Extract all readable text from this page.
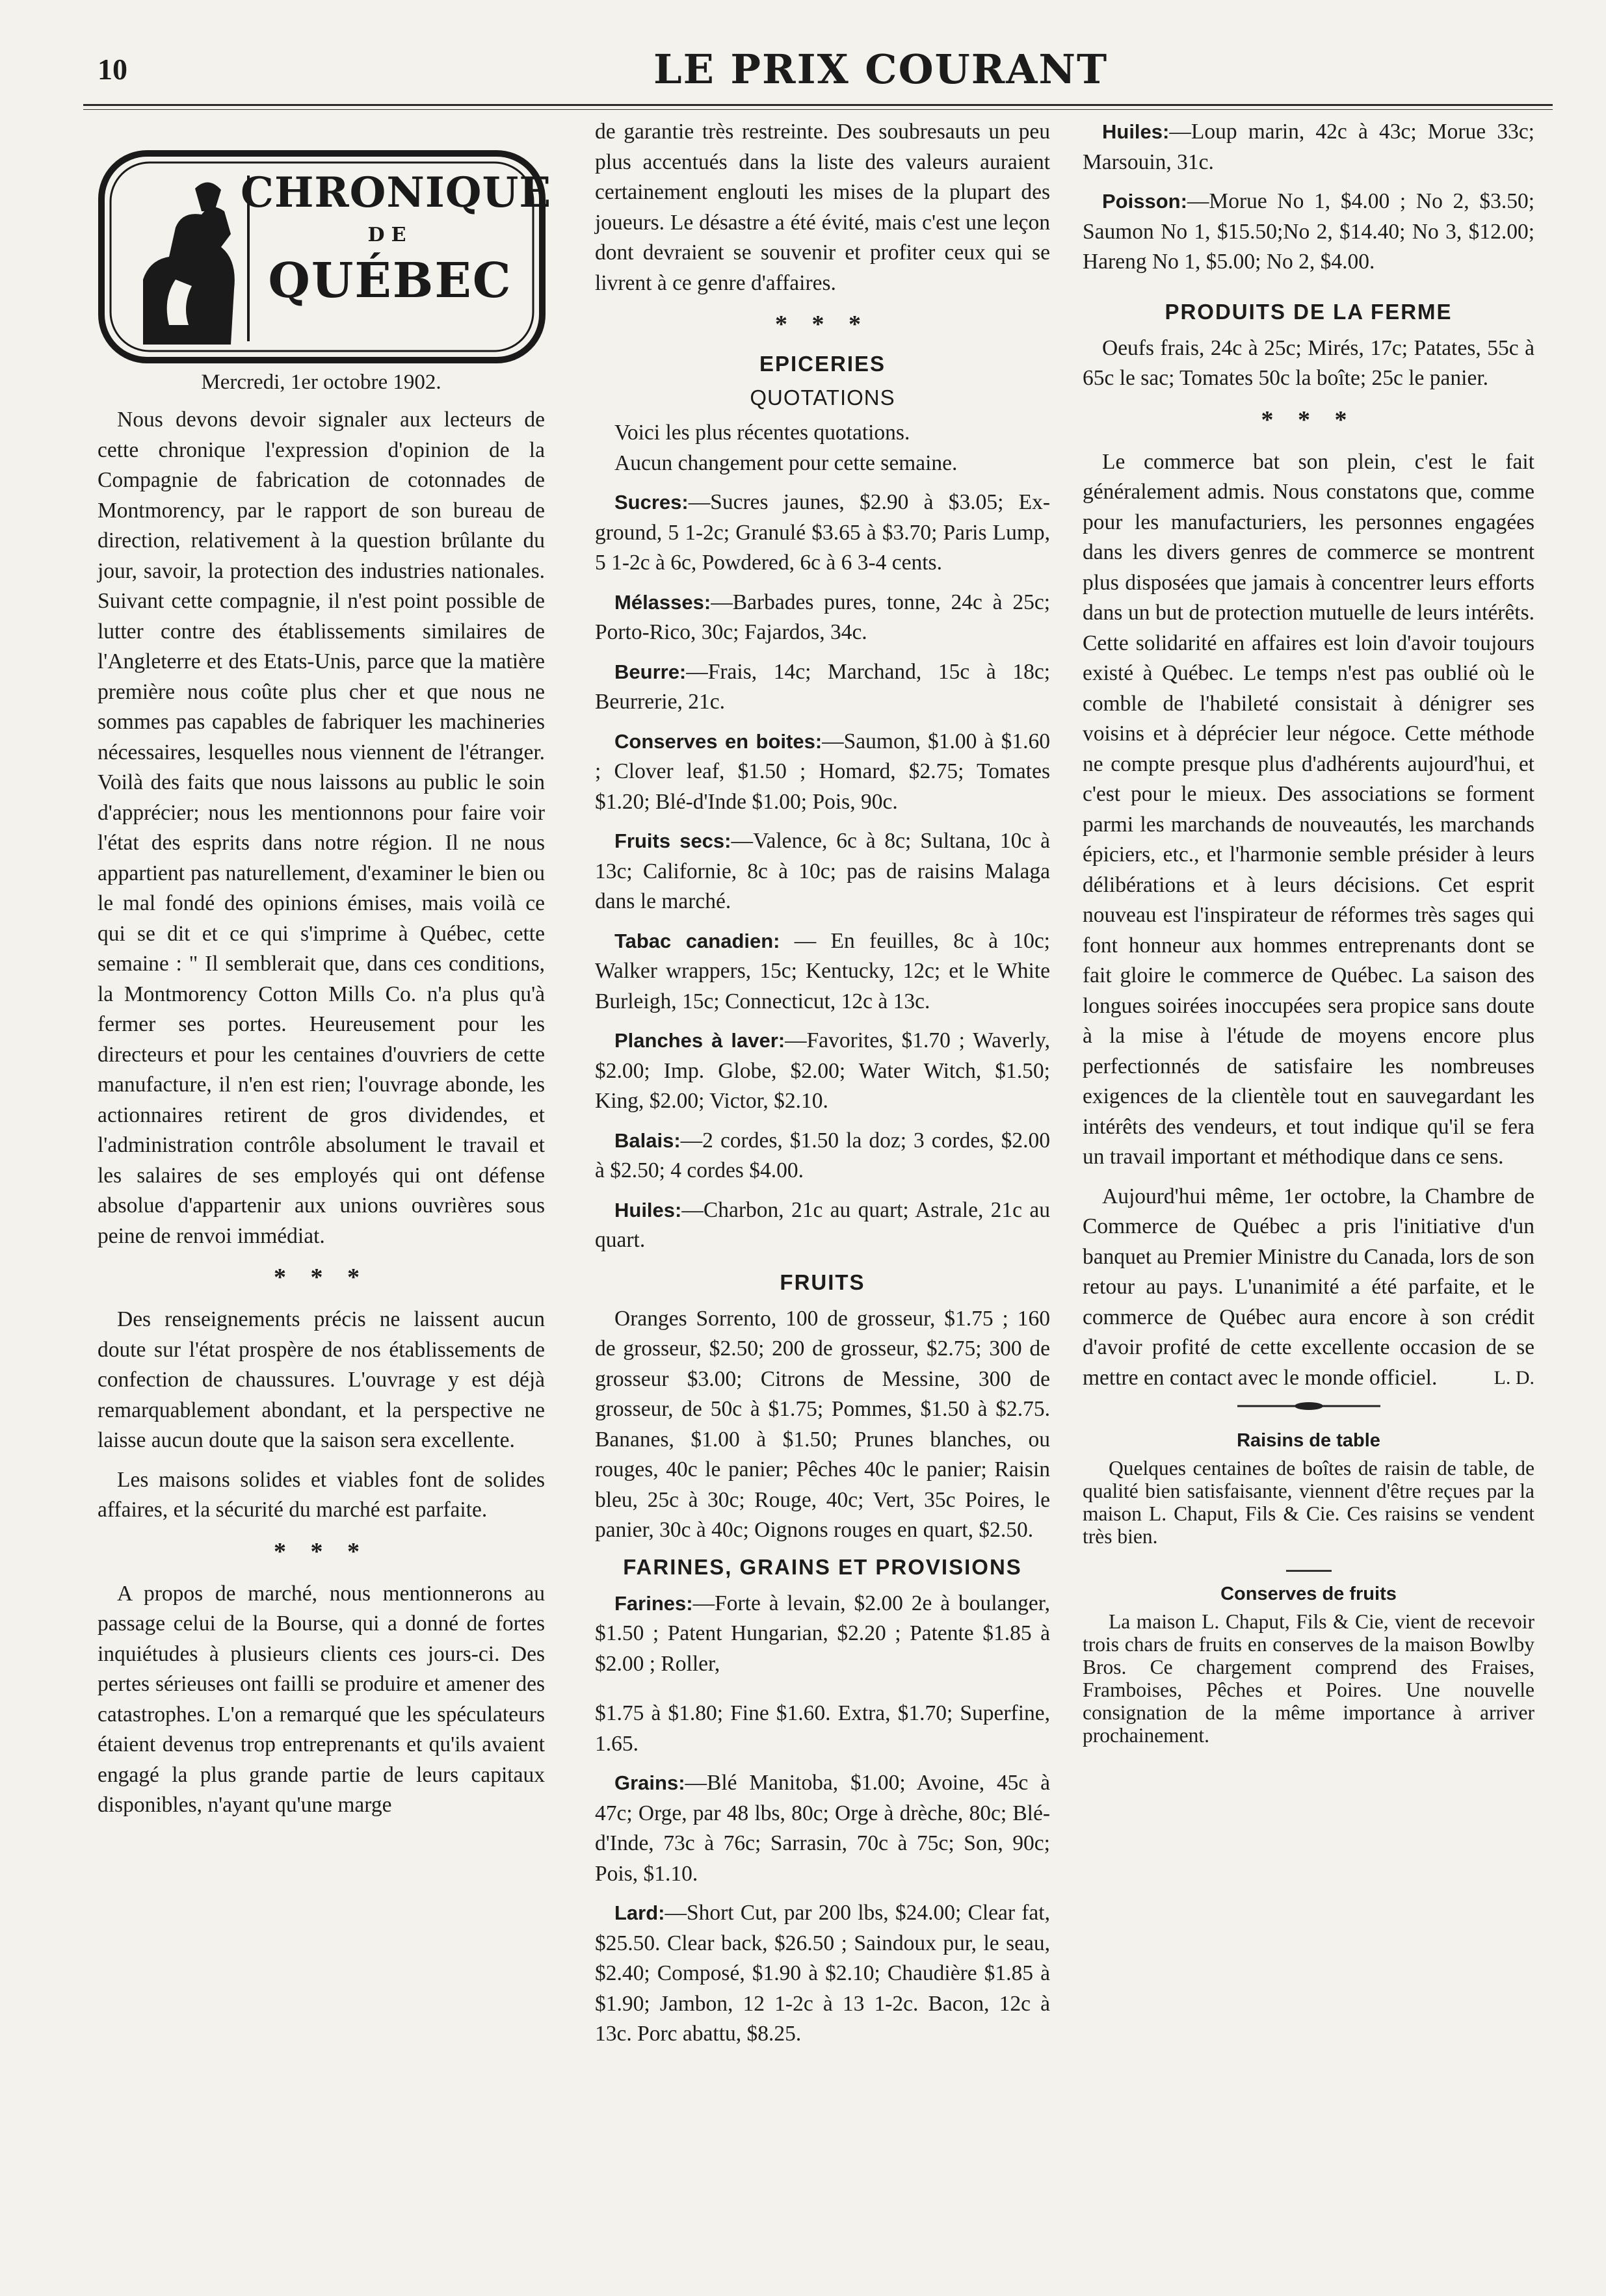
10	LE PRIX COURANT
CHRONIQUE
DE
QUÉBEC
Mercredi, 1er octobre 1902.

Nous devons devoir signaler aux lecteurs de cette chronique l'expression d'opinion de la Compagnie de fabrication de cotonnades de Montmorency, par le rapport de son bureau de direction, relativement à la question brûlante du jour, savoir, la protection des industries nationales. Suivant cette compagnie, il n'est point possible de lutter contre des établissements similaires de l'Angleterre et des Etats-Unis, parce que la matière première nous coûte plus cher et que nous ne sommes pas capables de fabriquer les machineries nécessaires, lesquelles nous viennent de l'étranger. Voilà des faits que nous laissons au public le soin d'apprécier; nous les mentionnons pour faire voir l'état des esprits dans notre région. Il ne nous appartient pas naturellement, d'examiner le bien ou le mal fondé des opinions émises, mais voilà ce qui se dit et ce qui s'imprime à Québec, cette semaine : " Il semblerait que, dans ces conditions, la Montmorency Cotton Mills Co. n'a plus qu'à fermer ses portes. Heureusement pour les directeurs et pour les centaines d'ouvriers de cette manufacture, il n'en est rien; l'ouvrage abonde, les actionnaires retirent de gros dividendes, et l'administration contrôle absolument le travail et les salaires de ses employés qui ont défense absolue d'appartenir aux unions ouvrières sous peine de renvoi immédiat.

* * *

Des renseignements précis ne laissent aucun doute sur l'état prospère de nos établissements de confection de chaussures. L'ouvrage y est déjà remarquablement abondant, et la perspective ne laisse aucun doute que la saison sera excellente.

Les maisons solides et viables font de solides affaires, et la sécurité du marché est parfaite.

* * *

A propos de marché, nous mentionnerons au passage celui de la Bourse, qui a donné de fortes inquiétudes à plusieurs clients ces jours-ci. Des pertes sérieuses ont failli se produire et amener des catastrophes. L'on a remarqué que les spéculateurs étaient devenus trop entreprenants et qu'ils avaient engagé la plus grande partie de leurs capitaux disponibles, n'ayant qu'une marge

de garantie très restreinte. Des soubresauts un peu plus accentués dans la liste des valeurs auraient certainement englouti les mises de la plupart des joueurs. Le désastre a été évité, mais c'est une leçon dont devraient se souvenir et profiter ceux qui se livrent à ce genre d'affaires.

* * *
EPICERIES
QUOTATIONS

Voici les plus récentes quotations.

Aucun changement pour cette semaine.

Sucres:—Sucres jaunes, $2.90 à $3.05; Ex-ground, 5 1-2c; Granulé $3.65 à $3.70; Paris Lump, 5 1-2c à 6c, Powdered, 6c à 6 3-4 cents.

Mélasses:—Barbades pures, tonne, 24c à 25c; Porto-Rico, 30c; Fajardos, 34c.

Beurre:—Frais, 14c; Marchand, 15c à 18c; Beurrerie, 21c.

Conserves en boites:—Saumon, $1.00 à $1.60 ; Clover leaf, $1.50 ; Homard, $2.75; Tomates $1.20; Blé-d'Inde $1.00; Pois, 90c.

Fruits secs:—Valence, 6c à 8c; Sultana, 10c à 13c; Californie, 8c à 10c; pas de raisins Malaga dans le marché.

Tabac canadien: — En feuilles, 8c à 10c; Walker wrappers, 15c; Kentucky, 12c; et le White Burleigh, 15c; Connecticut, 12c à 13c.

Planches à laver:—Favorites, $1.70 ; Waverly, $2.00; Imp. Globe, $2.00; Water Witch, $1.50; King, $2.00; Victor, $2.10.

Balais:—2 cordes, $1.50 la doz; 3 cordes, $2.00 à $2.50; 4 cordes $4.00.

Huiles:—Charbon, 21c au quart; Astrale, 21c au quart.

FRUITS

Oranges Sorrento, 100 de grosseur, $1.75 ; 160 de grosseur, $2.50; 200 de grosseur, $2.75; 300 de grosseur $3.00; Citrons de Messine, 300 de grosseur, de 50c à $1.75; Pommes, $1.50 à $2.75. Bananes, $1.00 à $1.50; Prunes blanches, ou rouges, 40c le panier; Pêches 40c le panier; Raisin bleu, 25c à 30c; Rouge, 40c; Vert, 35c Poires, le panier, 30c à 40c; Oignons rouges en quart, $2.50.

FARINES, GRAINS ET PROVISIONS

Farines:—Forte à levain, $2.00 2e à boulanger, $1.50 ; Patent Hungarian, $2.20 ; Patente $1.85 à $2.00 ; Roller,

$1.75 à $1.80; Fine $1.60. Extra, $1.70; Superfine, 1.65.

Grains:—Blé Manitoba, $1.00; Avoine, 45c à 47c; Orge, par 48 lbs, 80c; Orge à drèche, 80c; Blé-d'Inde, 73c à 76c; Sarrasin, 70c à 75c; Son, 90c; Pois, $1.10.

Lard:—Short Cut, par 200 lbs, $24.00; Clear fat, $25.50. Clear back, $26.50 ; Saindoux pur, le seau, $2.40; Composé, $1.90 à $2.10; Chaudière $1.85 à $1.90; Jambon, 12 1-2c à 13 1-2c. Bacon, 12c à 13c. Porc abattu, $8.25.

Huiles:—Loup marin, 42c à 43c; Morue 33c; Marsouin, 31c.

Poisson:—Morue No 1, $4.00 ; No 2, $3.50; Saumon No 1, $15.50;No 2, $14.40; No 3, $12.00; Hareng No 1, $5.00; No 2, $4.00.

PRODUITS DE LA FERME

Oeufs frais, 24c à 25c; Mirés, 17c; Patates, 55c à 65c le sac; Tomates 50c la boîte; 25c le panier.

* * *

Le commerce bat son plein, c'est le fait généralement admis. Nous constatons que, comme pour les manufacturiers, les personnes engagées dans les divers genres de commerce se montrent plus disposées que jamais à concentrer leurs efforts dans un but de protection mutuelle de leurs intérêts. Cette solidarité en affaires est loin d'avoir toujours existé à Québec. Le temps n'est pas oublié où le comble de l'habileté consistait à dénigrer ses voisins et à déprécier leur négoce. Cette méthode ne compte presque plus d'adhérents aujourd'hui, et c'est pour le mieux. Des associations se forment parmi les marchands de nouveautés, les marchands épiciers, etc., et l'harmonie semble présider à leurs délibérations et à leurs décisions. Cet esprit nouveau est l'inspirateur de réformes très sages qui font honneur aux hommes entreprenants dont se fait gloire le commerce de Québec. La saison des longues soirées inoccupées sera propice sans doute à la mise à l'étude de moyens encore plus perfectionnés de satisfaire les nombreuses exigences de la clientèle tout en sauvegardant les intérêts des vendeurs, et tout indique qu'il se fera un travail important et méthodique dans ce sens.

Aujourd'hui même, 1er octobre, la Chambre de Commerce de Québec a pris l'initiative d'un banquet au Premier Ministre du Canada, lors de son retour au pays. L'unanimité a été parfaite, et le commerce de Québec aura encore à son crédit d'avoir profité de cette excellente occasion de se mettre en contact avec le monde officiel.	L. D.
Raisins de table

Quelques centaines de boîtes de raisin de table, de qualité bien satisfaisante, viennent d'être reçues par la maison L. Chaput, Fils & Cie. Ces raisins se vendent très bien.

Conserves de fruits

La maison L. Chaput, Fils & Cie, vient de recevoir trois chars de fruits en conserves de la maison Bowlby Bros. Ce chargement comprend des Fraises, Framboises, Pêches et Poires. Une nouvelle consignation de la même importance à arriver prochainement.
